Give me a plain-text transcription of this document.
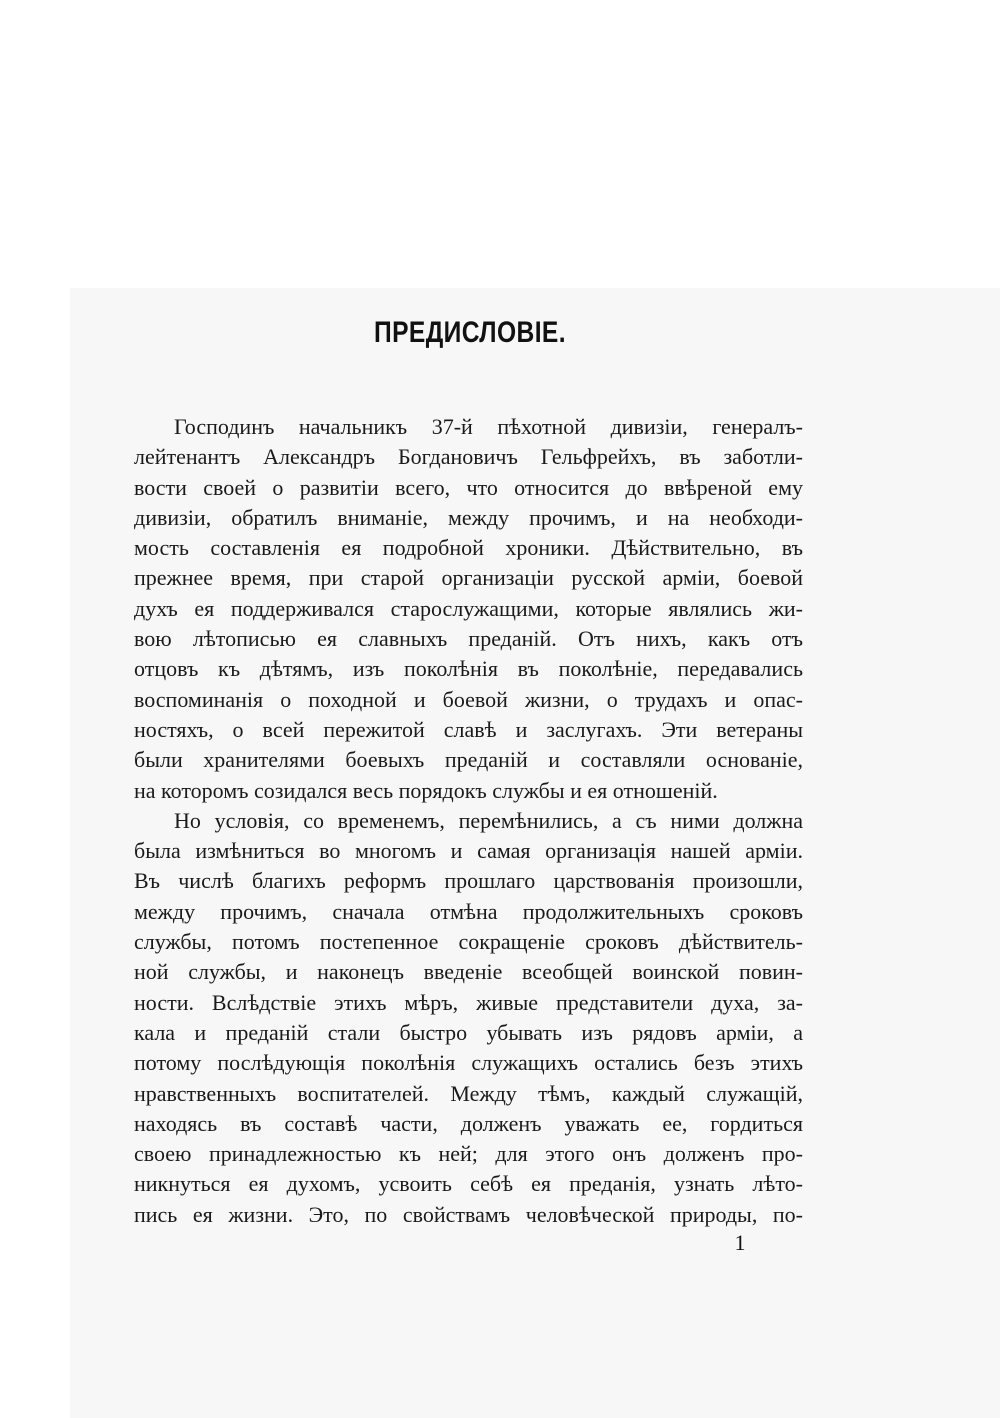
ПРЕДИСЛОВІЕ.
Господинъ начальникъ 37-й пѣхотной дивизіи, генералъ-
лейтенантъ Александръ Богдановичъ Гельфрейхъ, въ заботли-
вости своей о развитіи всего, что относится до ввѣреной ему
дивизіи, обратилъ вниманіе, между прочимъ, и на необходи-
мость составленія ея подробной хроники. Дѣйствительно, въ
прежнее время, при старой организаціи русской арміи, боевой
духъ ея поддерживался старослужащими, которые являлись жи-
вою лѣтописью ея славныхъ преданій. Отъ нихъ, какъ отъ
отцовъ къ дѣтямъ, изъ поколѣнія въ поколѣніе, передавались
воспоминанія о походной и боевой жизни, о трудахъ и опас-
ностяхъ, о всей пережитой славѣ и заслугахъ. Эти ветераны
были хранителями боевыхъ преданій и составляли основаніе,
на которомъ созидался весь порядокъ службы и ея отношеній.
Но условія, со временемъ, перемѣнились, а съ ними должна
была измѣниться во многомъ и самая организація нашей арміи.
Въ числѣ благихъ реформъ прошлаго царствованія произошли,
между прочимъ, сначала отмѣна продолжительныхъ сроковъ
службы, потомъ постепенное сокращеніе сроковъ дѣйствитель-
ной службы, и наконецъ введеніе всеобщей воинской повин-
ности. Вслѣдствіе этихъ мѣръ, живые представители духа, за-
кала и преданій стали быстро убывать изъ рядовъ арміи, а
потому послѣдующія поколѣнія служащихъ остались безъ этихъ
нравственныхъ воспитателей. Между тѣмъ, каждый служащій,
находясь въ составѣ части, долженъ уважать ее, гордиться
своею принадлежностью къ ней; для этого онъ долженъ про-
никнуться ея духомъ, усвоить себѣ ея преданія, узнать лѣто-
пись ея жизни. Это, по свойствамъ человѣческой природы, по-
1
